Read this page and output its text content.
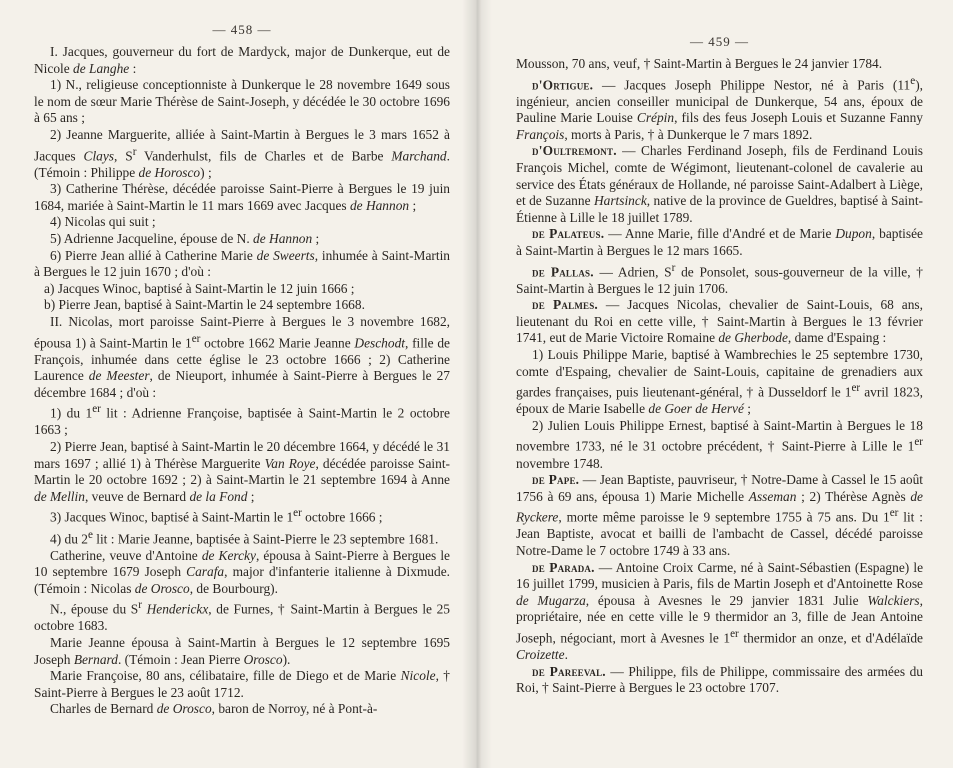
— 458 —

I. Jacques, gouverneur du fort de Mardyck, major de Dunkerque, eut de Nicole de Langhe :

1) N., religieuse conceptionniste à Dunkerque le 28 novembre 1649 sous le nom de sœur Marie Thérèse de Saint-Joseph, y décédée le 30 octobre 1696 à 65 ans ;

2) Jeanne Marguerite, alliée à Saint-Martin à Bergues le 3 mars 1652 à Jacques Clays, $S^r$ Vanderhulst, fils de Charles et de Barbe Marchand. (Témoin : Philippe de Horosco) ;

3) Catherine Thérèse, décédée paroisse Saint-Pierre à Bergues le 19 juin 1684, mariée à Saint-Martin le 11 mars 1669 avec Jacques de Hannon ;

4) Nicolas qui suit ;

5) Adrienne Jacqueline, épouse de N. de Hannon ;

6) Pierre Jean allié à Catherine Marie de Sweerts, inhumée à Saint-Martin à Bergues le 12 juin 1670 ; d'où :

a) Jacques Winoc, baptisé à Saint-Martin le 12 juin 1666 ;

b) Pierre Jean, baptisé à Saint-Martin le 24 septembre 1668.

II. Nicolas, mort paroisse Saint-Pierre à Bergues le 3 novembre 1682, épousa 1) à Saint-Martin le 1er octobre 1662 Marie Jeanne Deschodt, fille de François, inhumée dans cette église le 23 octobre 1666 ; 2) Catherine Laurence de Meester, de Nieuport, inhumée à Saint-Pierre à Bergues le 27 décembre 1684 ; d'où :

1) du 1er lit : Adrienne Françoise, baptisée à Saint-Martin le 2 octobre 1663 ;

2) Pierre Jean, baptisé à Saint-Martin le 20 décembre 1664, y décédé le 31 mars 1697 ; allié 1) à Thérèse Marguerite Van Roye, décédée paroisse Saint-Martin le 20 octobre 1692 ; 2) à Saint-Martin le 21 septembre 1694 à Anne de Mellin, veuve de Bernard de la Fond ;

3) Jacques Winoc, baptisé à Saint-Martin le 1er octobre 1666 ;

4) du 2e lit : Marie Jeanne, baptisée à Saint-Pierre le 23 septembre 1681.

Catherine, veuve d'Antoine de Kercky, épousa à Saint-Pierre à Bergues le 10 septembre 1679 Joseph Carafa, major d'infanterie italienne à Dixmude. (Témoin : Nicolas de Orosco, de Bourbourg).

N., épouse du $S^r$ Henderickx, de Furnes, † Saint-Martin à Bergues le 25 octobre 1683.

Marie Jeanne épousa à Saint-Martin à Bergues le 12 septembre 1695 Joseph Bernard. (Témoin : Jean Pierre Orosco).

Marie Françoise, 80 ans, célibataire, fille de Diego et de Marie Nicole, † Saint-Pierre à Bergues le 23 août 1712.

Charles de Bernard de Orosco, baron de Norroy, né à Pont-à-

— 459 —

Mousson, 70 ans, veuf, † Saint-Martin à Bergues le 24 janvier 1784.

d'Ortigue. — Jacques Joseph Philippe Nestor, né à Paris (11e), ingénieur, ancien conseiller municipal de Dunkerque, 54 ans, époux de Pauline Marie Louise Crépin, fils des feus Joseph Louis et Suzanne Fanny François, morts à Paris, † à Dunkerque le 7 mars 1892.

d'Oultremont. — Charles Ferdinand Joseph, fils de Ferdinand Louis François Michel, comte de Wégimont, lieutenant-colonel de cavalerie au service des États généraux de Hollande, né paroisse Saint-Adalbert à Liège, et de Suzanne Hartsinck, native de la province de Gueldres, baptisé à Saint-Étienne à Lille le 18 juillet 1789.

de Palateus. — Anne Marie, fille d'André et de Marie Dupon, baptisée à Saint-Martin à Bergues le 12 mars 1665.

de Pallas. — Adrien, $S^r$ de Ponsolet, sous-gouverneur de la ville, † Saint-Martin à Bergues le 12 juin 1706.

de Palmes. — Jacques Nicolas, chevalier de Saint-Louis, 68 ans, lieutenant du Roi en cette ville, † Saint-Martin à Bergues le 13 février 1741, eut de Marie Victoire Romaine de Gherbode, dame d'Espaing :

1) Louis Philippe Marie, baptisé à Wambrechies le 25 septembre 1730, comte d'Espaing, chevalier de Saint-Louis, capitaine de grenadiers aux gardes françaises, puis lieutenant-général, † à Dusseldorf le 1er avril 1823, époux de Marie Isabelle de Goer de Hervé ;

2) Julien Louis Philippe Ernest, baptisé à Saint-Martin à Bergues le 18 novembre 1733, né le 31 octobre précédent, † Saint-Pierre à Lille le 1er novembre 1748.

de Pape. — Jean Baptiste, pauvriseur, † Notre-Dame à Cassel le 15 août 1756 à 69 ans, épousa 1) Marie Michelle Asseman ; 2) Thérèse Agnès de Ryckere, morte même paroisse le 9 septembre 1755 à 75 ans. Du 1er lit : Jean Baptiste, avocat et bailli de l'ambacht de Cassel, décédé paroisse Notre-Dame le 7 octobre 1749 à 33 ans.

de Parada. — Antoine Croix Carme, né à Saint-Sébastien (Espagne) le 16 juillet 1799, musicien à Paris, fils de Martin Joseph et d'Antoinette Rose de Mugarza, épousa à Avesnes le 29 janvier 1831 Julie Walckiers, propriétaire, née en cette ville le 9 thermidor an 3, fille de Jean Antoine Joseph, négociant, mort à Avesnes le 1er thermidor an onze, et d'Adélaïde Croizette.

de Pareeval. — Philippe, fils de Philippe, commissaire des armées du Roi, † Saint-Pierre à Bergues le 23 octobre 1707.
